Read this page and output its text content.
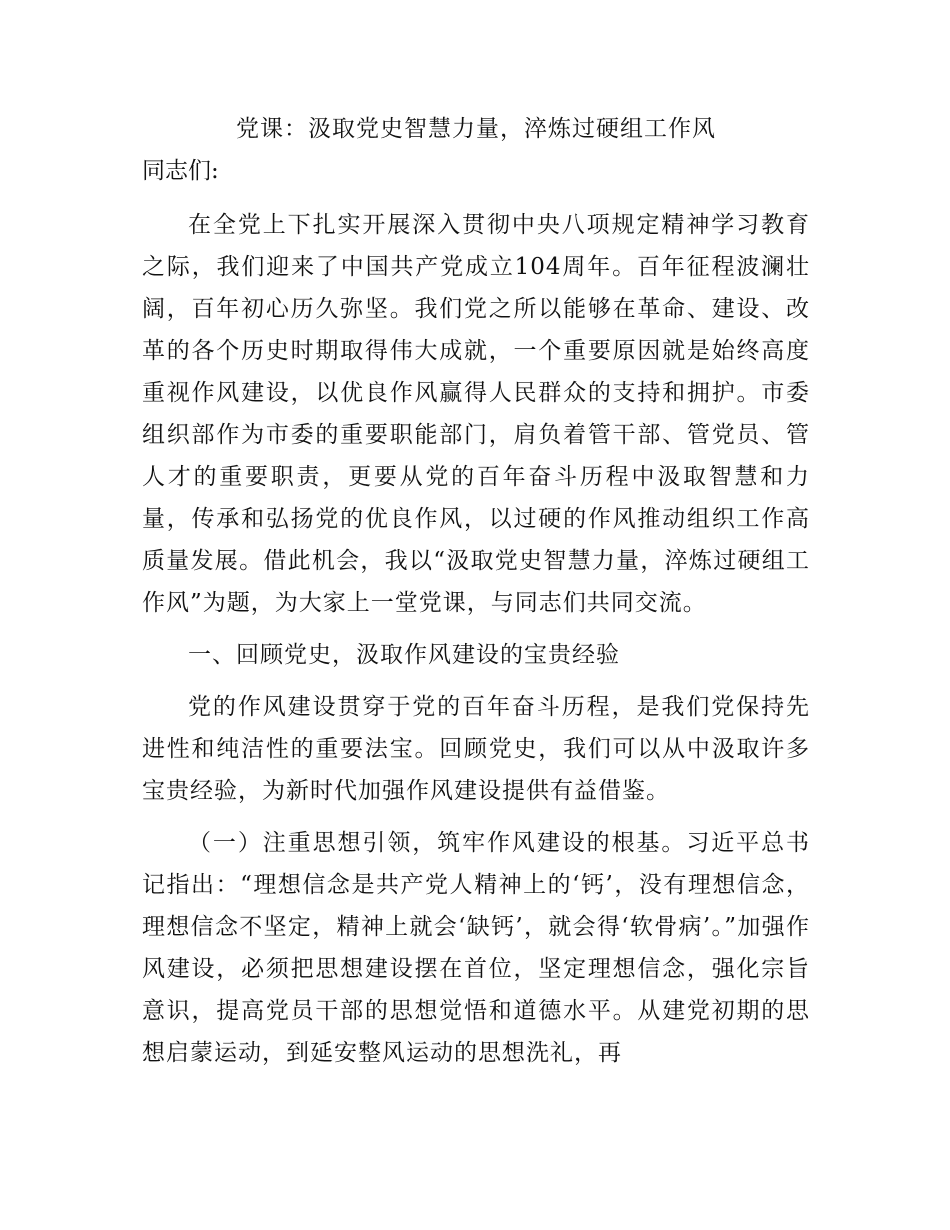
党课：汲取党史智慧力量，淬炼过硬组工作风

同志们:

在全党上下扎实开展深入贯彻中央八项规定精神学习教育之际，我们迎来了中国共产党成立104周年。百年征程波澜壮阔，百年初心历久弥坚。我们党之所以能够在革命、建设、改革的各个历史时期取得伟大成就，一个重要原因就是始终高度重视作风建设，以优良作风赢得人民群众的支持和拥护。市委组织部作为市委的重要职能部门，肩负着管干部、管党员、管人才的重要职责，更要从党的百年奋斗历程中汲取智慧和力量，传承和弘扬党的优良作风，以过硬的作风推动组织工作高质量发展。借此机会，我以“汲取党史智慧力量，淬炼过硬组工作风”为题，为大家上一堂党课，与同志们共同交流。

一、回顾党史，汲取作风建设的宝贵经验

党的作风建设贯穿于党的百年奋斗历程，是我们党保持先进性和纯洁性的重要法宝。回顾党史，我们可以从中汲取许多宝贵经验，为新时代加强作风建设提供有益借鉴。

（一）注重思想引领，筑牢作风建设的根基。习近平总书记指出：“理想信念是共产党人精神上的‘钙’，没有理想信念，理想信念不坚定，精神上就会‘缺钙’，就会得‘软骨病’。”加强作风建设，必须把思想建设摆在首位，坚定理想信念，强化宗旨意识，提高党员干部的思想觉悟和道德水平。从建党初期的思想启蒙运动，到延安整风运动的思想洗礼，再
